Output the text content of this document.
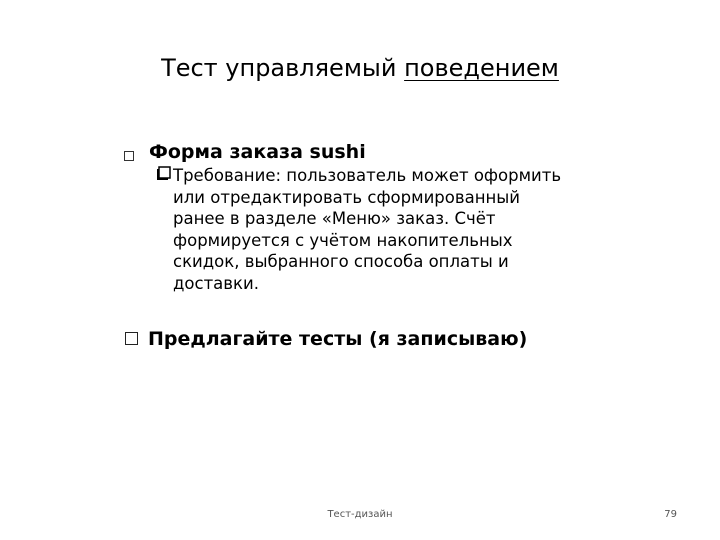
Тест управляемый поведением
Форма заказа sushi
Требование: пользователь может оформить
или отредактировать сформированный
ранее в разделе «Меню» заказ. Счёт
формируется с учётом накопительных
скидок, выбранного способа оплаты и
доставки.
Предлагайте тесты (я записываю)
Тест-дизайн	79
